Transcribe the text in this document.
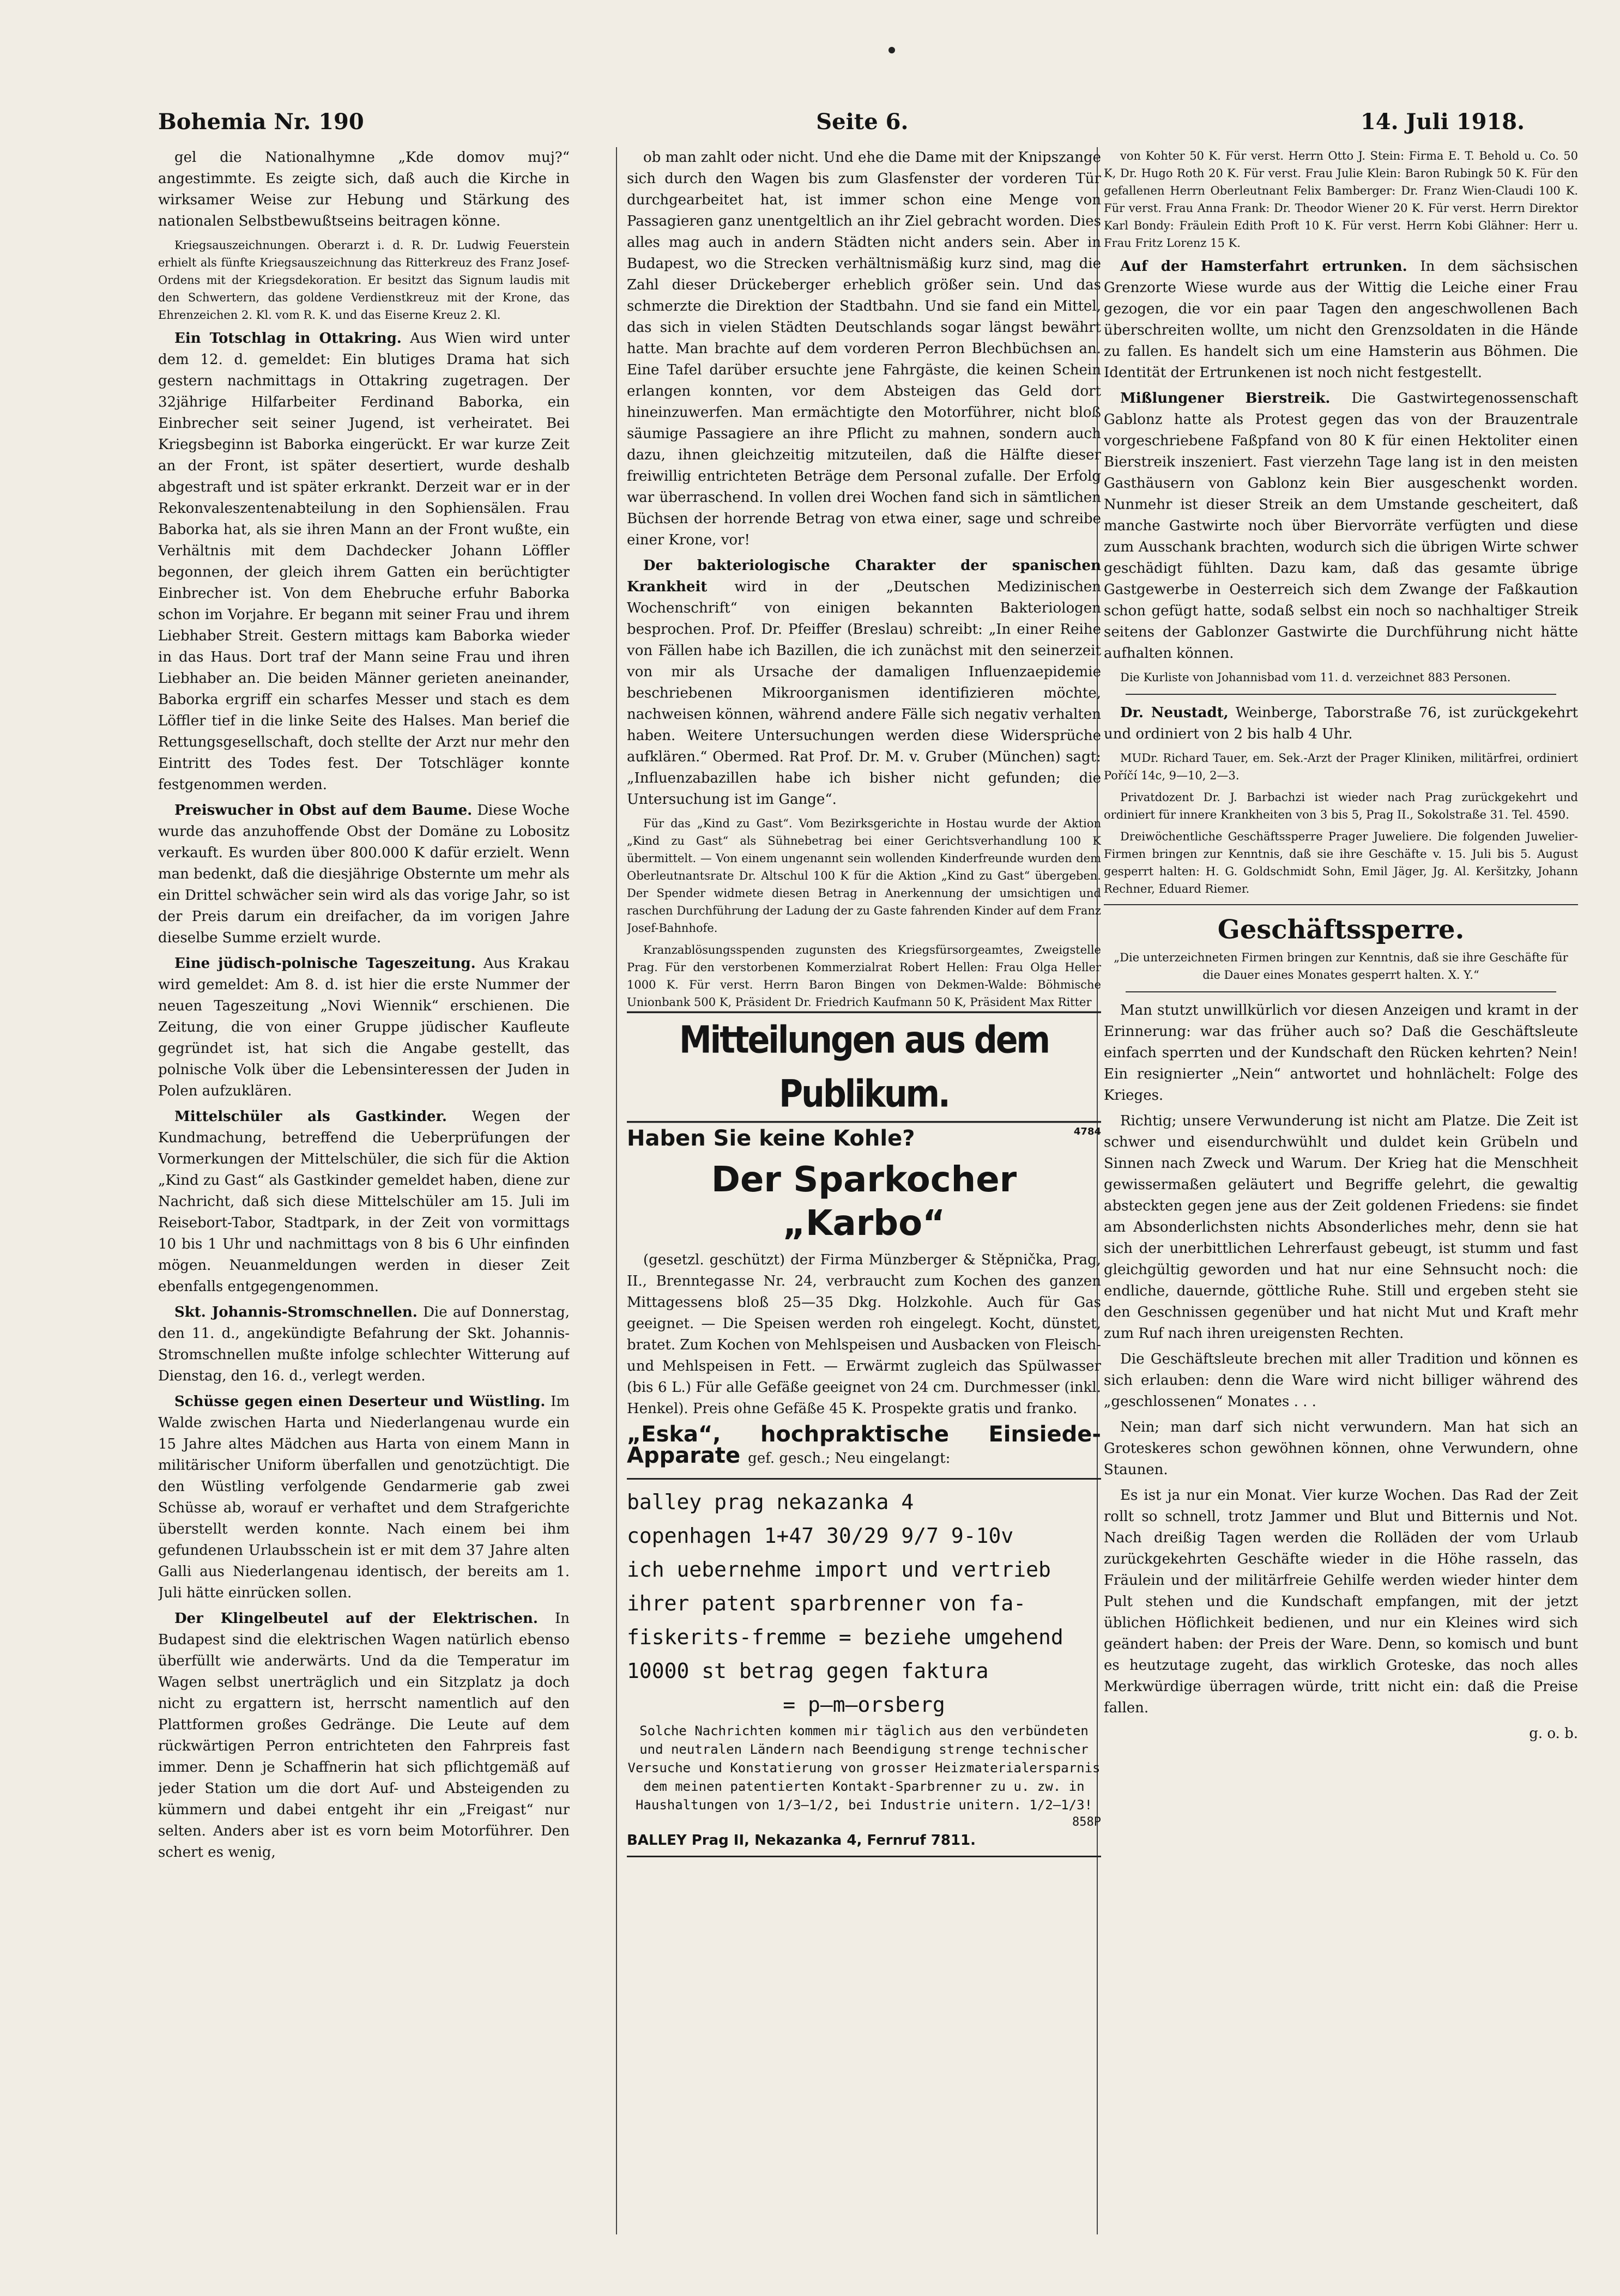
Bohemia Nr. 190	Seite 6.	14. Juli 1918.

gel die Nationalhymne „Kde domov muj?“ angestimmte. Es zeigte sich, daß auch die Kirche in wirksamer Weise zur Hebung und Stärkung des nationalen Selbstbewußtseins beitragen könne.

Kriegsauszeichnungen. Oberarzt i. d. R. Dr. Ludwig Feuerstein erhielt als fünfte Kriegsauszeichnung das Ritterkreuz des Franz Josef-Ordens mit der Kriegsdekoration. Er besitzt das Signum laudis mit den Schwertern, das goldene Verdienstkreuz mit der Krone, das Ehrenzeichen 2. Kl. vom R. K. und das Eiserne Kreuz 2. Kl.

Ein Totschlag in Ottakring. Aus Wien wird unter dem 12. d. gemeldet: Ein blutiges Drama hat sich gestern nachmittags in Ottakring zugetragen. Der 32jährige Hilfarbeiter Ferdinand Baborka, ein Einbrecher seit seiner Jugend, ist verheiratet. Bei Kriegsbeginn ist Baborka eingerückt. Er war kurze Zeit an der Front, ist später desertiert, wurde deshalb abgestraft und ist später erkrankt. Derzeit war er in der Rekonvaleszentenabteilung in den Sophiensälen. Frau Baborka hat, als sie ihren Mann an der Front wußte, ein Verhältnis mit dem Dachdecker Johann Löffler begonnen, der gleich ihrem Gatten ein berüchtigter Einbrecher ist. Von dem Ehebruche erfuhr Baborka schon im Vorjahre. Er begann mit seiner Frau und ihrem Liebhaber Streit. Gestern mittags kam Baborka wieder in das Haus. Dort traf der Mann seine Frau und ihren Liebhaber an. Die beiden Männer gerieten aneinander, Baborka ergriff ein scharfes Messer und stach es dem Löffler tief in die linke Seite des Halses. Man berief die Rettungsgesellschaft, doch stellte der Arzt nur mehr den Eintritt des Todes fest. Der Totschläger konnte festgenommen werden.

Preiswucher in Obst auf dem Baume. Diese Woche wurde das anzuhoffende Obst der Domäne zu Lobositz verkauft. Es wurden über 800.000 K dafür erzielt. Wenn man bedenkt, daß die diesjährige Obsternte um mehr als ein Drittel schwächer sein wird als das vorige Jahr, so ist der Preis darum ein dreifacher, da im vorigen Jahre dieselbe Summe erzielt wurde.

Eine jüdisch-polnische Tageszeitung. Aus Krakau wird gemeldet: Am 8. d. ist hier die erste Nummer der neuen Tageszeitung „Novi Wiennik“ erschienen. Die Zeitung, die von einer Gruppe jüdischer Kaufleute gegründet ist, hat sich die Angabe gestellt, das polnische Volk über die Lebensinteressen der Juden in Polen aufzuklären.

Mittelschüler als Gastkinder. Wegen der Kundmachung, betreffend die Ueberprüfungen der Vormerkungen der Mittelschüler, die sich für die Aktion „Kind zu Gast“ als Gastkinder gemeldet haben, diene zur Nachricht, daß sich diese Mittelschüler am 15. Juli im Reisebort-Tabor, Stadtpark, in der Zeit von vormittags 10 bis 1 Uhr und nachmittags von 8 bis 6 Uhr einfinden mögen. Neuanmeldungen werden in dieser Zeit ebenfalls entgegengenommen.

Skt. Johannis-Stromschnellen. Die auf Donnerstag, den 11. d., angekündigte Befahrung der Skt. Johannis-Stromschnellen mußte infolge schlechter Witterung auf Dienstag, den 16. d., verlegt werden.

Schüsse gegen einen Deserteur und Wüstling. Im Walde zwischen Harta und Niederlangenau wurde ein 15 Jahre altes Mädchen aus Harta von einem Mann in militärischer Uniform überfallen und genotzüchtigt. Die den Wüstling verfolgende Gendarmerie gab zwei Schüsse ab, worauf er verhaftet und dem Strafgerichte überstellt werden konnte. Nach einem bei ihm gefundenen Urlaubsschein ist er mit dem 37 Jahre alten Galli aus Niederlangenau identisch, der bereits am 1. Juli hätte einrücken sollen.

Der Klingelbeutel auf der Elektrischen. In Budapest sind die elektrischen Wagen natürlich ebenso überfüllt wie anderwärts. Und da die Temperatur im Wagen selbst unerträglich und ein Sitzplatz ja doch nicht zu ergattern ist, herrscht namentlich auf den Plattformen großes Gedränge. Die Leute auf dem rückwärtigen Perron entrichteten den Fahrpreis fast immer. Denn je Schaffnerin hat sich pflichtgemäß auf jeder Station um die dort Auf- und Absteigenden zu kümmern und dabei entgeht ihr ein „Freigast“ nur selten. Anders aber ist es vorn beim Motorführer. Den schert es wenig,

ob man zahlt oder nicht. Und ehe die Dame mit der Knipszange sich durch den Wagen bis zum Glasfenster der vorderen Tür durchgearbeitet hat, ist immer schon eine Menge von Passagieren ganz unentgeltlich an ihr Ziel gebracht worden. Dies alles mag auch in andern Städten nicht anders sein. Aber in Budapest, wo die Strecken verhältnismäßig kurz sind, mag die Zahl dieser Drückeberger erheblich größer sein. Und das schmerzte die Direktion der Stadtbahn. Und sie fand ein Mittel, das sich in vielen Städten Deutschlands sogar längst bewährt hatte. Man brachte auf dem vorderen Perron Blechbüchsen an. Eine Tafel darüber ersuchte jene Fahrgäste, die keinen Schein erlangen konnten, vor dem Absteigen das Geld dort hineinzuwerfen. Man ermächtigte den Motorführer, nicht bloß säumige Passagiere an ihre Pflicht zu mahnen, sondern auch dazu, ihnen gleichzeitig mitzuteilen, daß die Hälfte dieser freiwillig entrichteten Beträge dem Personal zufalle. Der Erfolg war überraschend. In vollen drei Wochen fand sich in sämtlichen Büchsen der horrende Betrag von etwa einer, sage und schreibe einer Krone, vor!

Der bakteriologische Charakter der spanischen Krankheit wird in der „Deutschen Medizinischen Wochenschrift“ von einigen bekannten Bakteriologen besprochen. Prof. Dr. Pfeiffer (Breslau) schreibt: „In einer Reihe von Fällen habe ich Bazillen, die ich zunächst mit den seinerzeit von mir als Ursache der damaligen Influenzaepidemie beschriebenen Mikroorganismen identifizieren möchte, nachweisen können, während andere Fälle sich negativ verhalten haben. Weitere Untersuchungen werden diese Widersprüche aufklären.“ Obermed. Rat Prof. Dr. M. v. Gruber (München) sagt: „Influenzabazillen habe ich bisher nicht gefunden; die Untersuchung ist im Gange“.

Für das „Kind zu Gast“. Vom Bezirksgerichte in Hostau wurde der Aktion „Kind zu Gast“ als Sühnebetrag bei einer Gerichtsverhandlung 100 K übermittelt. — Von einem ungenannt sein wollenden Kinderfreunde wurden dem Oberleutnantsrate Dr. Altschul 100 K für die Aktion „Kind zu Gast“ übergeben. Der Spender widmete diesen Betrag in Anerkennung der umsichtigen und raschen Durchführung der Ladung der zu Gaste fahrenden Kinder auf dem Franz Josef-Bahnhofe.

Kranzablösungsspenden zugunsten des Kriegsfürsorgeamtes, Zweigstelle Prag. Für den verstorbenen Kommerzialrat Robert Hellen: Frau Olga Heller 1000 K. Für verst. Herrn Baron Bingen von Dekmen-Walde: Böhmische Unionbank 500 K, Präsident Dr. Friedrich Kaufmann 50 K, Präsident Max Ritter

Mitteilungen aus dem Publikum.

Haben Sie keine Kohle?	4784

Der Sparkocher „Karbo“

(gesetzl. geschützt) der Firma Münzberger & Stěpnička, Prag, II., Brenntegasse Nr. 24, verbraucht zum Kochen des ganzen Mittagessens bloß 25—35 Dkg. Holzkohle. Auch für Gas geeignet. — Die Speisen werden roh eingelegt. Kocht, dünstet, bratet. Zum Kochen von Mehlspeisen und Ausbacken von Fleisch- und Mehlspeisen in Fett. — Erwärmt zugleich das Spülwasser (bis 6 L.) Für alle Gefäße geeignet von 24 cm. Durchmesser (inkl. Henkel). Preis ohne Gefäße 45 K. Prospekte gratis und franko.

„Eska“, hochpraktische Einsiede-Apparate gef. gesch.; Neu eingelangt:

balley prag nekazanka 4

copenhagen 1+47 30/29 9/7 9-10v

ich uebernehme import und vertrieb ihrer patent sparbrenner von fa-fiskerits-fremme = beziehe umgehend 10000 st betrag gegen faktura

= p—m—orsberg

Solche Nachrichten kommen mir täglich aus den verbündeten und neutralen Ländern nach Beendigung strenge technischer Versuche und Konstatierung von grosser Heizmaterialersparnis dem meinen patentierten Kontakt-Sparbrenner zu u. zw. in Haushaltungen von 1/3—1/2, bei Industrie unitern. 1/2—1/3!

858P

BALLEY Prag II, Nekazanka 4, Fernruf 7811.

von Kohter 50 K. Für verst. Herrn Otto J. Stein: Firma E. T. Behold u. Co. 50 K, Dr. Hugo Roth 20 K. Für verst. Frau Julie Klein: Baron Rubingk 50 K. Für den gefallenen Herrn Oberleutnant Felix Bamberger: Dr. Franz Wien-Claudi 100 K. Für verst. Frau Anna Frank: Dr. Theodor Wiener 20 K. Für verst. Herrn Direktor Karl Bondy: Fräulein Edith Proft 10 K. Für verst. Herrn Kobi Glähner: Herr u. Frau Fritz Lorenz 15 K.

Auf der Hamsterfahrt ertrunken. In dem sächsischen Grenzorte Wiese wurde aus der Wittig die Leiche einer Frau gezogen, die vor ein paar Tagen den angeschwollenen Bach überschreiten wollte, um nicht den Grenzsoldaten in die Hände zu fallen. Es handelt sich um eine Hamsterin aus Böhmen. Die Identität der Ertrunkenen ist noch nicht festgestellt.

Mißlungener Bierstreik. Die Gastwirtegenossenschaft Gablonz hatte als Protest gegen das von der Brauzentrale vorgeschriebene Faßpfand von 80 K für einen Hektoliter einen Bierstreik inszeniert. Fast vierzehn Tage lang ist in den meisten Gasthäusern von Gablonz kein Bier ausgeschenkt worden. Nunmehr ist dieser Streik an dem Umstande gescheitert, daß manche Gastwirte noch über Biervorräte verfügten und diese zum Ausschank brachten, wodurch sich die übrigen Wirte schwer geschädigt fühlten. Dazu kam, daß das gesamte übrige Gastgewerbe in Oesterreich sich dem Zwange der Faßkaution schon gefügt hatte, sodaß selbst ein noch so nachhaltiger Streik seitens der Gablonzer Gastwirte die Durchführung nicht hätte aufhalten können.

Die Kurliste von Johannisbad vom 11. d. verzeichnet 883 Personen.

Dr. Neustadt, Weinberge, Taborstraße 76, ist zurückgekehrt und ordiniert von 2 bis halb 4 Uhr.

MUDr. Richard Tauer, em. Sek.-Arzt der Prager Kliniken, militärfrei, ordiniert Poříčí 14c, 9—10, 2—3.

Privatdozent Dr. J. Barbachzi ist wieder nach Prag zurückgekehrt und ordiniert für innere Krankheiten von 3 bis 5, Prag II., Sokolstraße 31. Tel. 4590.

Dreiwöchentliche Geschäftssperre Prager Juweliere. Die folgenden Juwelier-Firmen bringen zur Kenntnis, daß sie ihre Geschäfte v. 15. Juli bis 5. August gesperrt halten: H. G. Goldschmidt Sohn, Emil Jäger, Jg. Al. Keršitzky, Johann Rechner, Eduard Riemer.

Geschäftssperre.

„Die unterzeichneten Firmen bringen zur Kenntnis, daß sie ihre Geschäfte für die Dauer eines Monates gesperrt halten. X. Y.“

Man stutzt unwillkürlich vor diesen Anzeigen und kramt in der Erinnerung: war das früher auch so? Daß die Geschäftsleute einfach sperrten und der Kundschaft den Rücken kehrten? Nein! Ein resignierter „Nein“ antwortet und hohnlächelt: Folge des Krieges.

Richtig; unsere Verwunderung ist nicht am Platze. Die Zeit ist schwer und eisendurchwühlt und duldet kein Grübeln und Sinnen nach Zweck und Warum. Der Krieg hat die Menschheit gewissermaßen geläutert und Begriffe gelehrt, die gewaltig absteckten gegen jene aus der Zeit goldenen Friedens: sie findet am Absonderlichsten nichts Absonderliches mehr, denn sie hat sich der unerbittlichen Lehrerfaust gebeugt, ist stumm und fast gleichgültig geworden und hat nur eine Sehnsucht noch: die endliche, dauernde, göttliche Ruhe. Still und ergeben steht sie den Geschnissen gegenüber und hat nicht Mut und Kraft mehr zum Ruf nach ihren ureigensten Rechten.

Die Geschäftsleute brechen mit aller Tradition und können es sich erlauben: denn die Ware wird nicht billiger während des „geschlossenen“ Monates . . .

Nein; man darf sich nicht verwundern. Man hat sich an Groteskeres schon gewöhnen können, ohne Verwundern, ohne Staunen.

Es ist ja nur ein Monat. Vier kurze Wochen. Das Rad der Zeit rollt so schnell, trotz Jammer und Blut und Bitternis und Not. Nach dreißig Tagen werden die Rolläden der vom Urlaub zurückgekehrten Geschäfte wieder in die Höhe rasseln, das Fräulein und der militärfreie Gehilfe werden wieder hinter dem Pult stehen und die Kundschaft empfangen, mit der jetzt üblichen Höflichkeit bedienen, und nur ein Kleines wird sich geändert haben: der Preis der Ware. Denn, so komisch und bunt es heutzutage zugeht, das wirklich Groteske, das noch alles Merkwürdige überragen würde, tritt nicht ein: daß die Preise fallen.

g. o. b.
